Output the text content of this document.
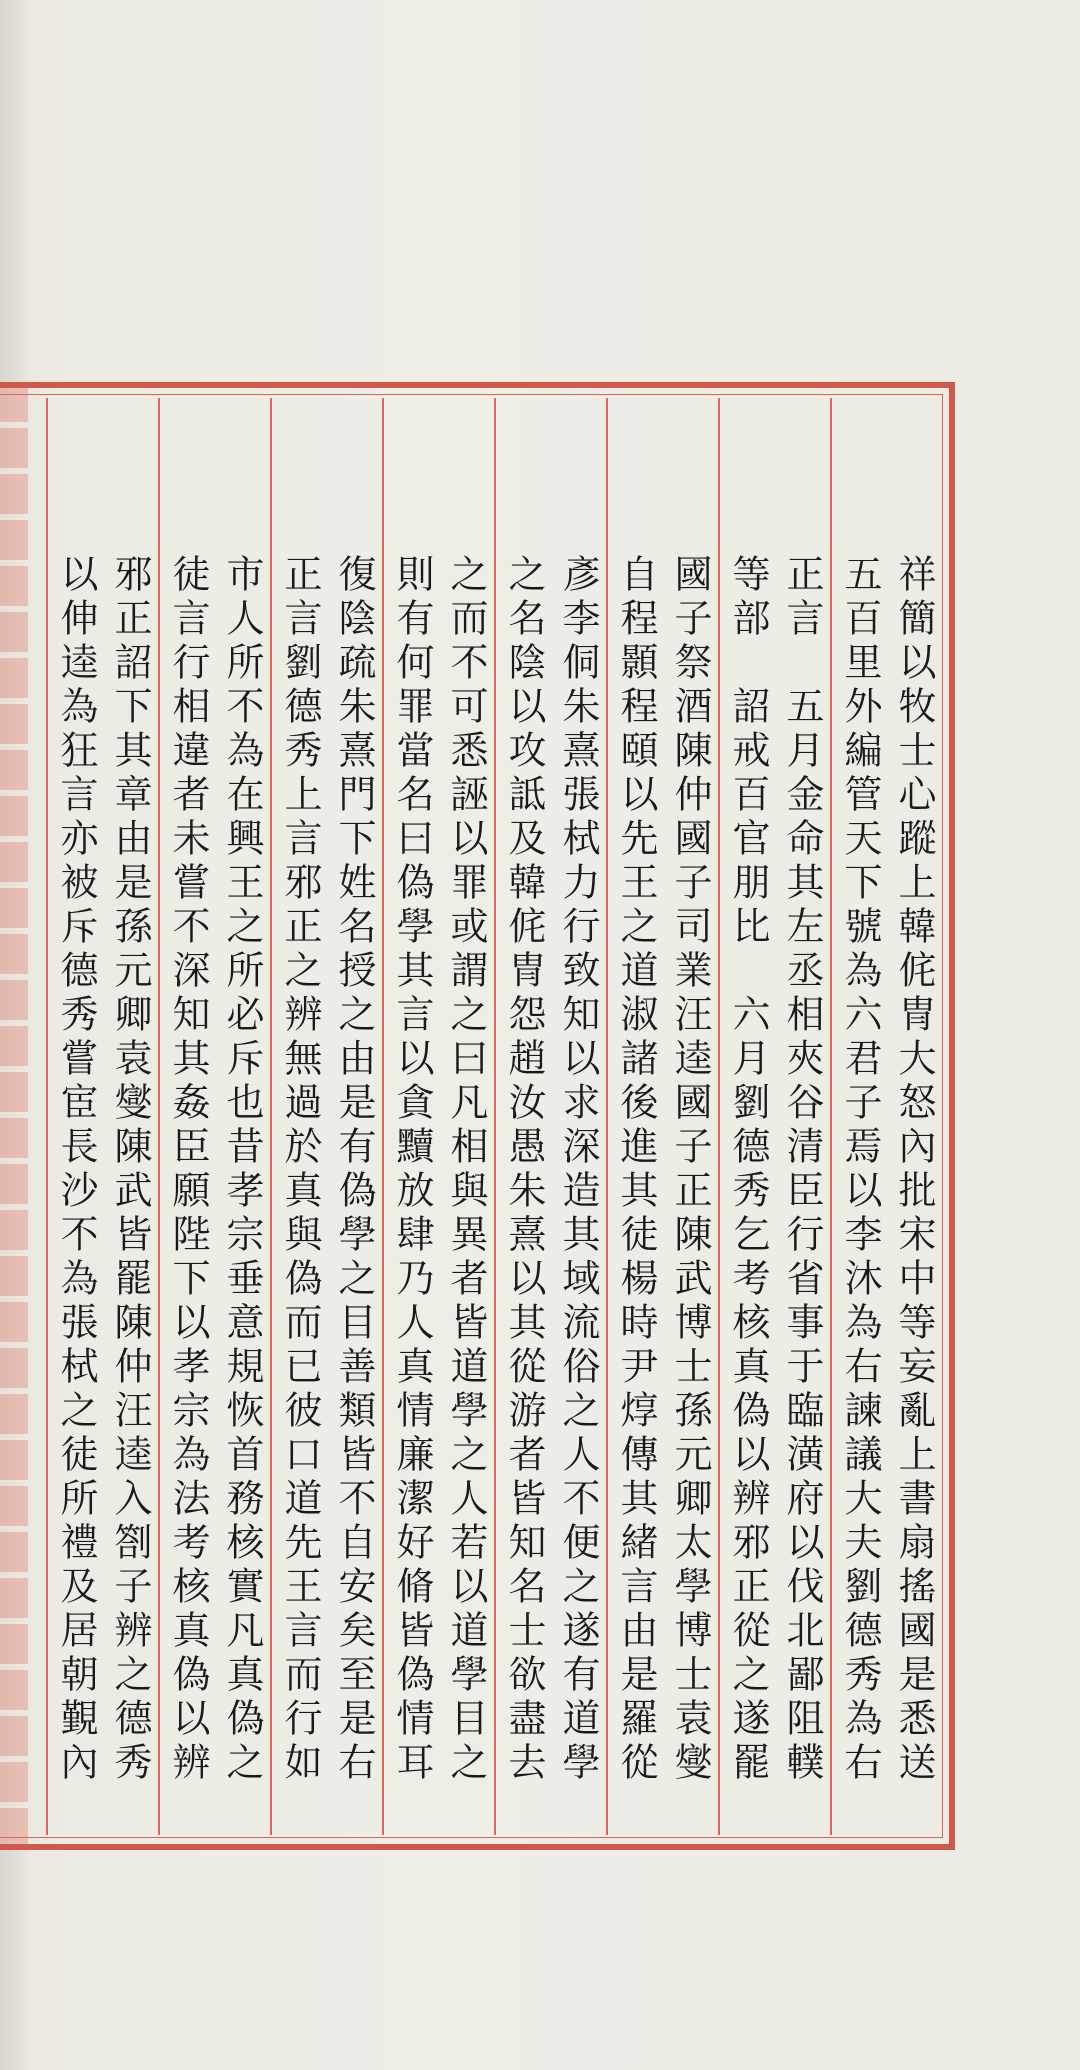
祥簡以牧士心蹤上韓侂冑大怒內批宋中等妄亂上書扇搖國是悉送
五百里外編管天下號為六君子焉以李沐為右諫議大夫劉德秀為右
正言　五月金命其左丞相夾谷清臣行省事于臨潢府以伐北鄙阻轐
等部　詔戒百官朋比　六月劉德秀乞考核真偽以辨邪正從之遂罷
國子祭酒陳仲國子司業汪逵國子正陳武博士孫元卿太學博士袁燮
自程顥程頤以先王之道淑諸後進其徒楊時尹焞傳其緒言由是羅從
彥李侗朱熹張栻力行致知以求深造其域流俗之人不便之遂有道學
之名陰以攻詆及韓侂冑怨趙汝愚朱熹以其從游者皆知名士欲盡去
之而不可悉誣以罪或謂之曰凡相與異者皆道學之人若以道學目之
則有何罪當名曰偽學其言以貪黷放肆乃人真情廉潔好脩皆偽情耳
復陰疏朱熹門下姓名授之由是有偽學之目善類皆不自安矣至是右
正言劉德秀上言邪正之辨無過於真與偽而已彼口道先王言而行如
市人所不為在興王之所必斥也昔孝宗垂意規恢首務核實凡真偽之
徒言行相違者未嘗不深知其姦臣願陛下以孝宗為法考核真偽以辨
邪正詔下其章由是孫元卿袁燮陳武皆罷陳仲汪逵入劄子辨之德秀
以伸逵為狂言亦被斥德秀嘗宦長沙不為張栻之徒所禮及居朝覲內
